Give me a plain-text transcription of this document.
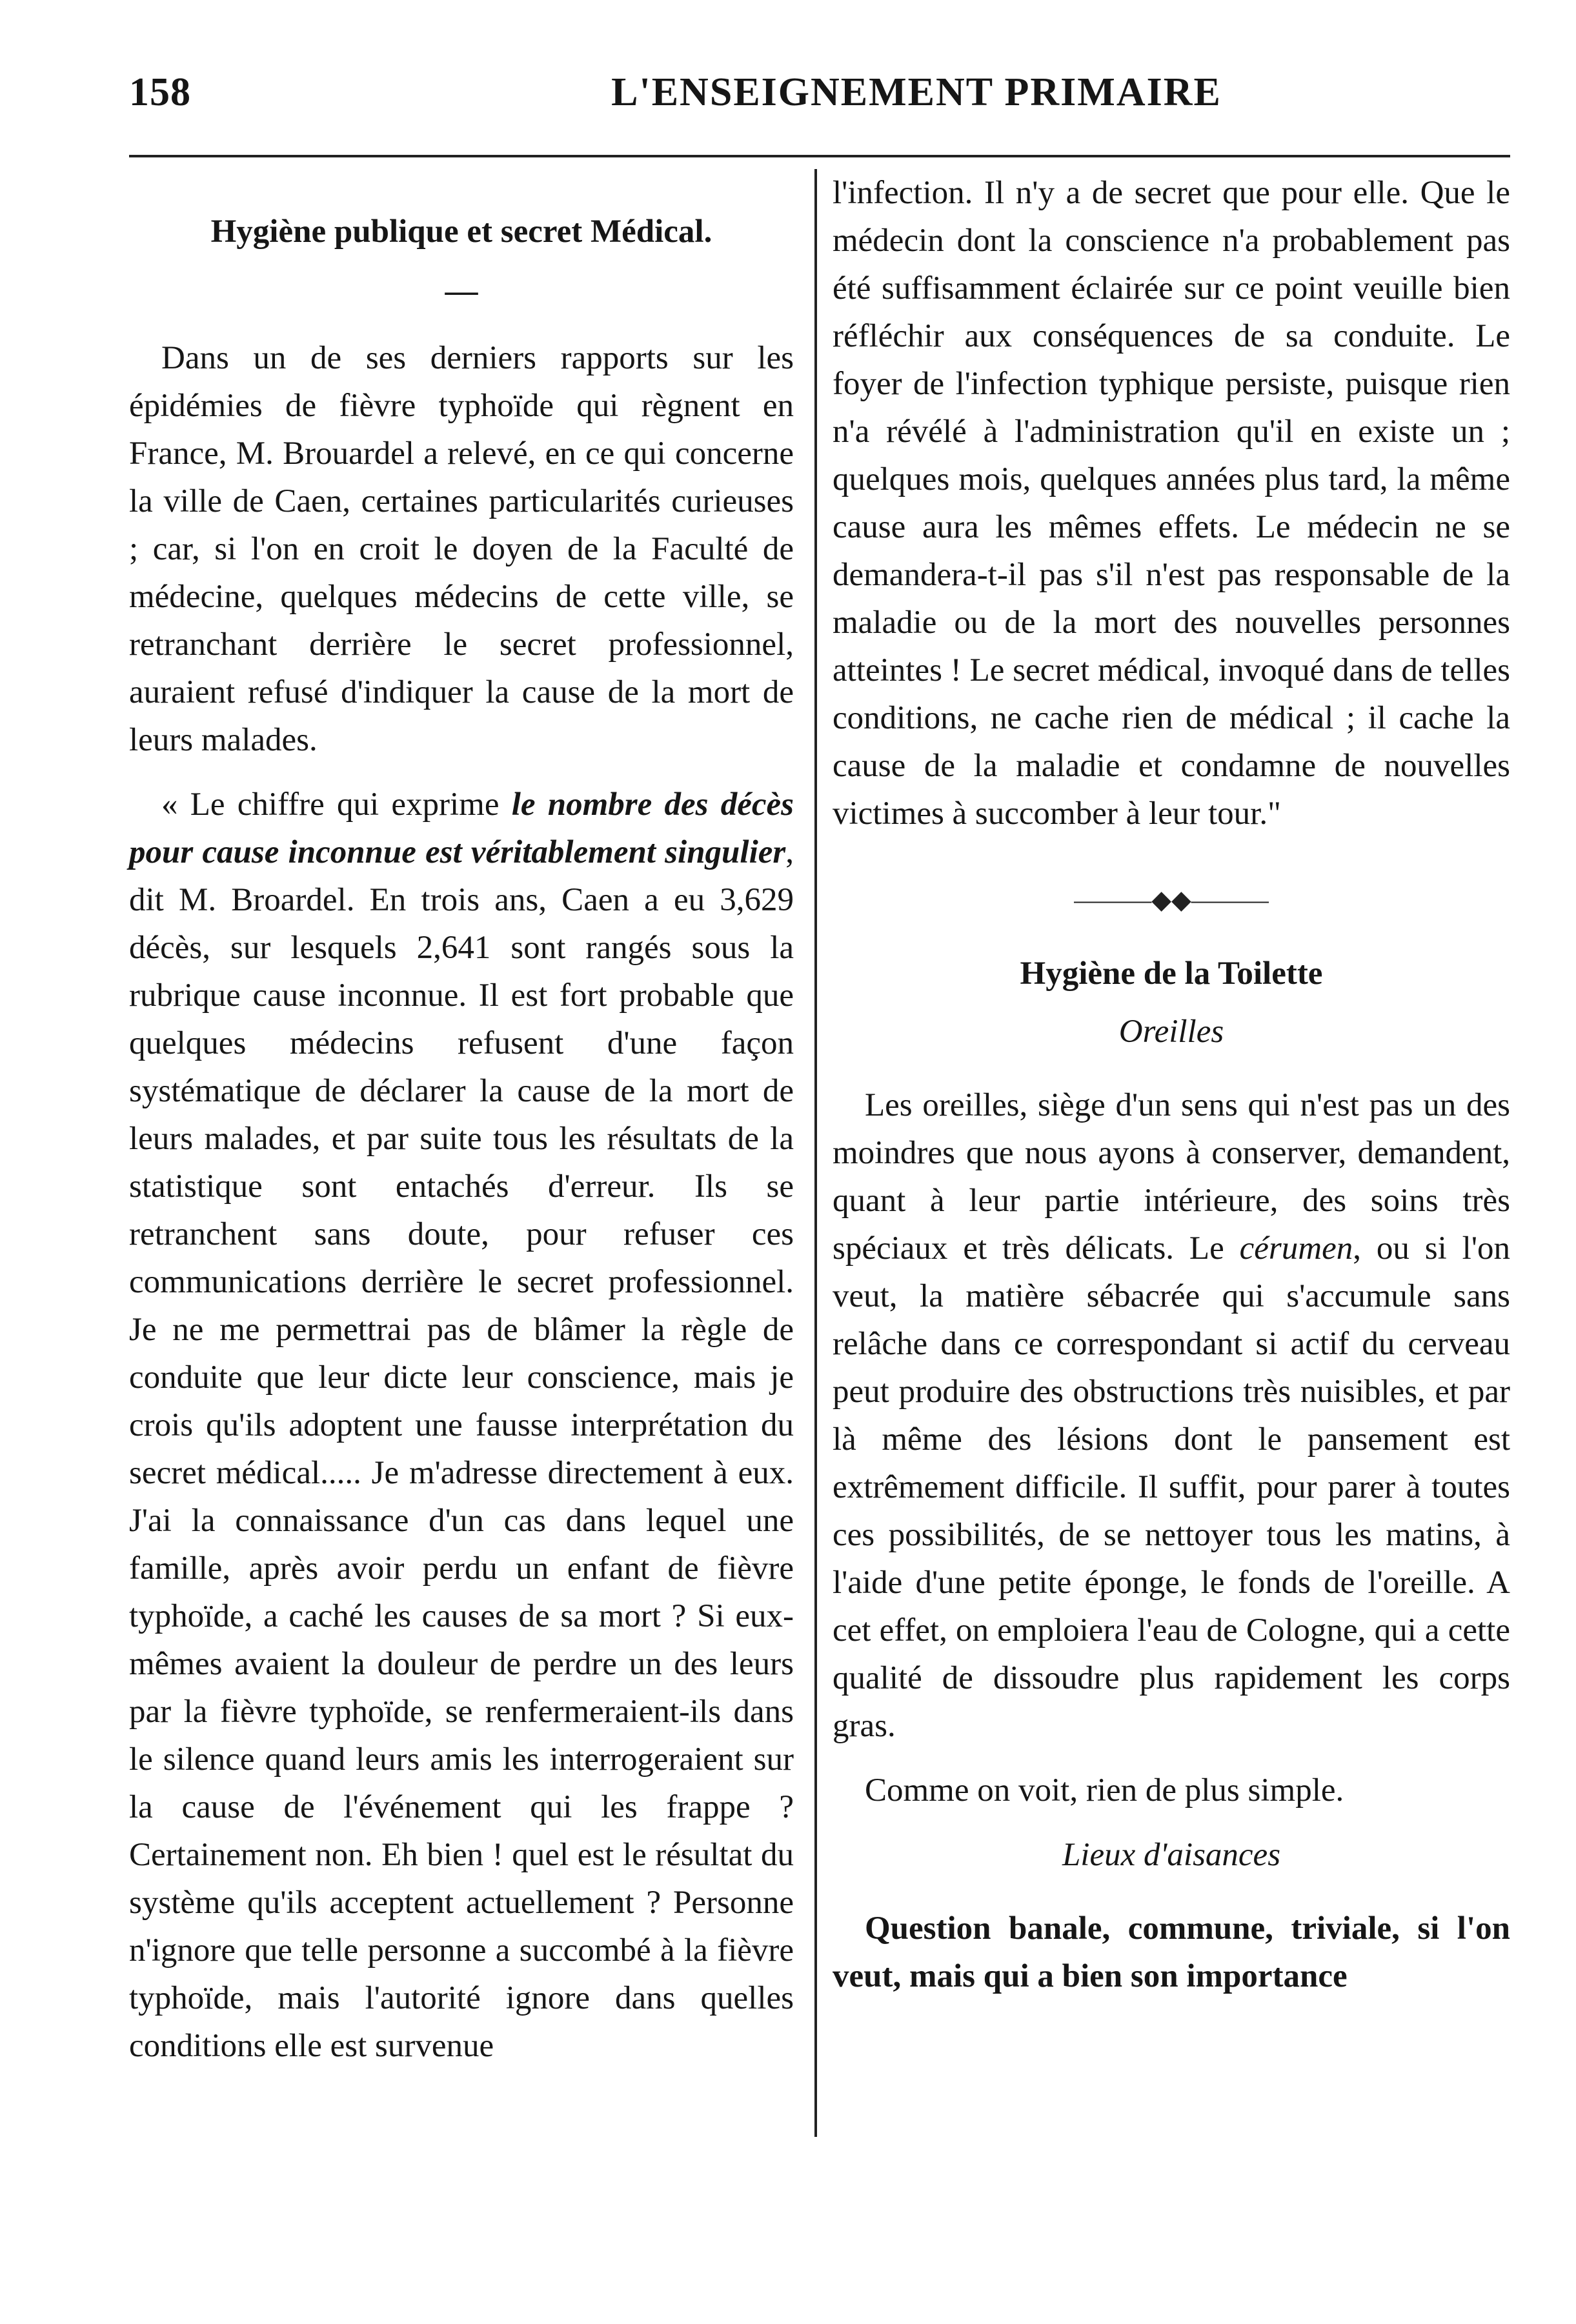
158	L'ENSEIGNEMENT PRIMAIRE
Hygiène publique et secret Médical.
—

Dans un de ses derniers rapports sur les épidémies de fièvre typhoïde qui règnent en France, M. Brouardel a relevé, en ce qui concerne la ville de Caen, certaines particularités curieuses ; car, si l'on en croit le doyen de la Faculté de médecine, quelques médecins de cette ville, se retranchant derrière le secret professionnel, auraient refusé d'indiquer la cause de la mort de leurs malades.

« Le chiffre qui exprime le nombre des décès pour cause inconnue est véritablement singulier, dit M. Broardel. En trois ans, Caen a eu 3,629 décès, sur lesquels 2,641 sont rangés sous la rubrique cause inconnue. Il est fort probable que quelques médecins refusent d'une façon systématique de déclarer la cause de la mort de leurs malades, et par suite tous les résultats de la statistique sont entachés d'erreur. Ils se retranchent sans doute, pour refuser ces communications derrière le secret professionnel. Je ne me permettrai pas de blâmer la règle de conduite que leur dicte leur conscience, mais je crois qu'ils adoptent une fausse interprétation du secret médical..... Je m'adresse directement à eux. J'ai la connaissance d'un cas dans lequel une famille, après avoir perdu un enfant de fièvre typhoïde, a caché les causes de sa mort ? Si eux-mêmes avaient la douleur de perdre un des leurs par la fièvre typhoïde, se renfermeraient-ils dans le silence quand leurs amis les interrogeraient sur la cause de l'événement qui les frappe ? Certainement non. Eh bien ! quel est le résultat du système qu'ils acceptent actuellement ? Personne n'ignore que telle personne a succombé à la fièvre typhoïde, mais l'autorité ignore dans quelles conditions elle est survenue

l'infection. Il n'y a de secret que pour elle. Que le médecin dont la conscience n'a probablement pas été suffisamment éclairée sur ce point veuille bien réfléchir aux conséquences de sa conduite. Le foyer de l'infection typhique persiste, puisque rien n'a révélé à l'administration qu'il en existe un ; quelques mois, quelques années plus tard, la même cause aura les mêmes effets. Le médecin ne se demandera-t-il pas s'il n'est pas responsable de la maladie ou de la mort des nouvelles personnes atteintes ! Le secret médical, invoqué dans de telles conditions, ne cache rien de médical ; il cache la cause de la maladie et condamne de nouvelles victimes à succomber à leur tour."

———◆◆———
Hygiène de la Toilette
Oreilles

Les oreilles, siège d'un sens qui n'est pas un des moindres que nous ayons à conserver, demandent, quant à leur partie intérieure, des soins très spéciaux et très délicats. Le cérumen, ou si l'on veut, la matière sébacrée qui s'accumule sans relâche dans ce correspondant si actif du cerveau peut produire des obstructions très nuisibles, et par là même des lésions dont le pansement est extrêmement difficile. Il suffit, pour parer à toutes ces possibilités, de se nettoyer tous les matins, à l'aide d'une petite éponge, le fonds de l'oreille. A cet effet, on emploiera l'eau de Cologne, qui a cette qualité de dissoudre plus rapidement les corps gras.

Comme on voit, rien de plus simple.

Lieux d'aisances

Question banale, commune, triviale, si l'on veut, mais qui a bien son importance
